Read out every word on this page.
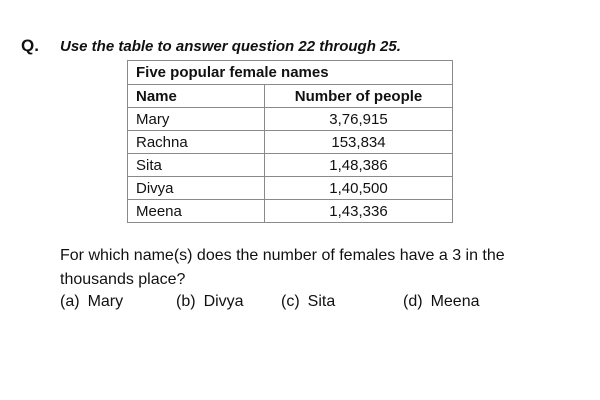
Q. Use the table to answer question 22 through 25.
Five popular female names	
Name	Number of people
Mary	3,76,915
Rachna	153,834
Sita	1,48,386
Divya	1,40,500
Meena	1,43,336
For which name(s) does the number of females have a 3 in the thousands place?
(a) Mary	(b) Divya (c) Sita	(d) Meena
